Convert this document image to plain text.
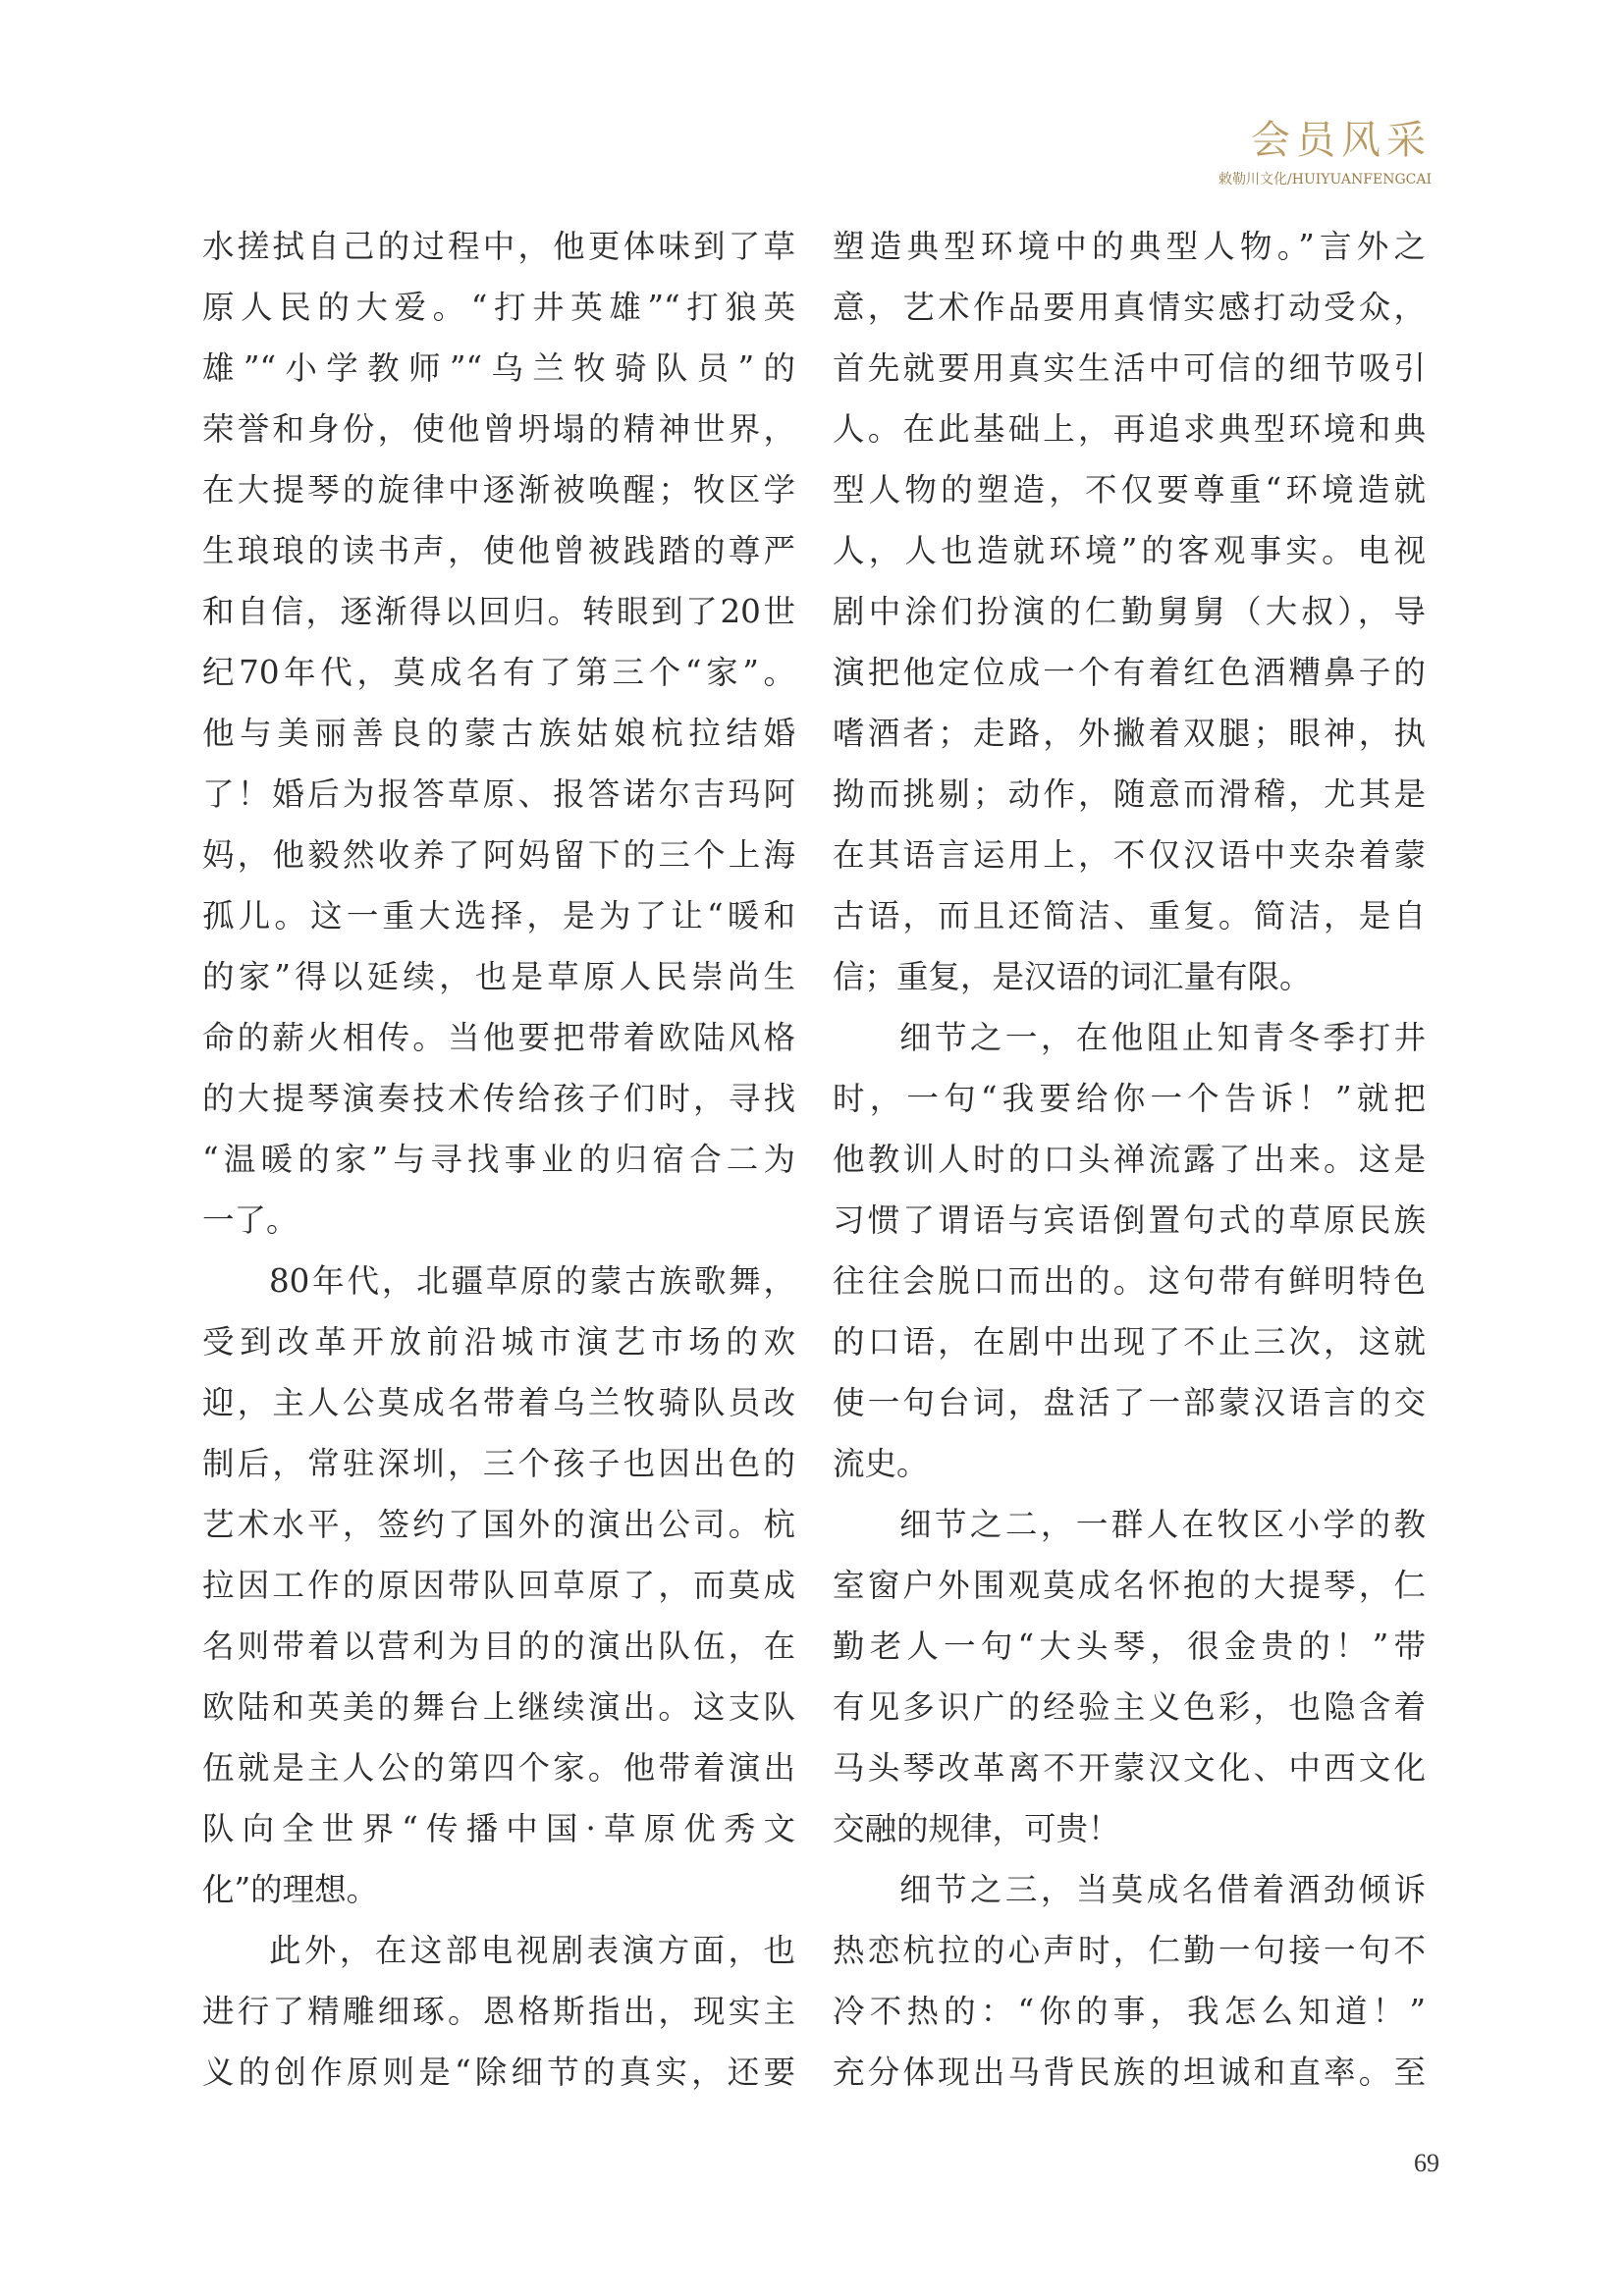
会员风采
敕勒川文化/HUIYUANFENGCAI
水搓拭自己的过程中，他更体味到了草
原人民的大爱。“打井英雄”“打狼英
雄”“小学教师”“乌兰牧骑队员”的
荣誉和身份，使他曾坍塌的精神世界，
在大提琴的旋律中逐渐被唤醒；牧区学
生琅琅的读书声，使他曾被践踏的尊严
和自信，逐渐得以回归。转眼到了20世
纪70年代，莫成名有了第三个“家”。
他与美丽善良的蒙古族姑娘杭拉结婚
了！婚后为报答草原、报答诺尔吉玛阿
妈，他毅然收养了阿妈留下的三个上海
孤儿。这一重大选择，是为了让“暖和
的家”得以延续，也是草原人民崇尚生
命的薪火相传。当他要把带着欧陆风格
的大提琴演奏技术传给孩子们时，寻找
“温暖的家”与寻找事业的归宿合二为
一了。
80年代，北疆草原的蒙古族歌舞，
受到改革开放前沿城市演艺市场的欢
迎，主人公莫成名带着乌兰牧骑队员改
制后，常驻深圳，三个孩子也因出色的
艺术水平，签约了国外的演出公司。杭
拉因工作的原因带队回草原了，而莫成
名则带着以营利为目的的演出队伍，在
欧陆和英美的舞台上继续演出。这支队
伍就是主人公的第四个家。他带着演出
队向全世界“传播中国·草原优秀文
化”的理想。
此外，在这部电视剧表演方面，也
进行了精雕细琢。恩格斯指出，现实主
义的创作原则是“除细节的真实，还要
塑造典型环境中的典型人物。”言外之
意，艺术作品要用真情实感打动受众，
首先就要用真实生活中可信的细节吸引
人。在此基础上，再追求典型环境和典
型人物的塑造，不仅要尊重“环境造就
人，人也造就环境”的客观事实。电视
剧中涂们扮演的仁勤舅舅（大叔），导
演把他定位成一个有着红色酒糟鼻子的
嗜酒者；走路，外撇着双腿；眼神，执
拗而挑剔；动作，随意而滑稽，尤其是
在其语言运用上，不仅汉语中夹杂着蒙
古语，而且还简洁、重复。简洁，是自
信；重复，是汉语的词汇量有限。
细节之一，在他阻止知青冬季打井
时，一句“我要给你一个告诉！”就把
他教训人时的口头禅流露了出来。这是
习惯了谓语与宾语倒置句式的草原民族
往往会脱口而出的。这句带有鲜明特色
的口语，在剧中出现了不止三次，这就
使一句台词，盘活了一部蒙汉语言的交
流史。
细节之二，一群人在牧区小学的教
室窗户外围观莫成名怀抱的大提琴，仁
勤老人一句“大头琴，很金贵的！”带
有见多识广的经验主义色彩，也隐含着
马头琴改革离不开蒙汉文化、中西文化
交融的规律，可贵！
细节之三，当莫成名借着酒劲倾诉
热恋杭拉的心声时，仁勤一句接一句不
冷不热的：“你的事，我怎么知道！”
充分体现出马背民族的坦诚和直率。至
69
